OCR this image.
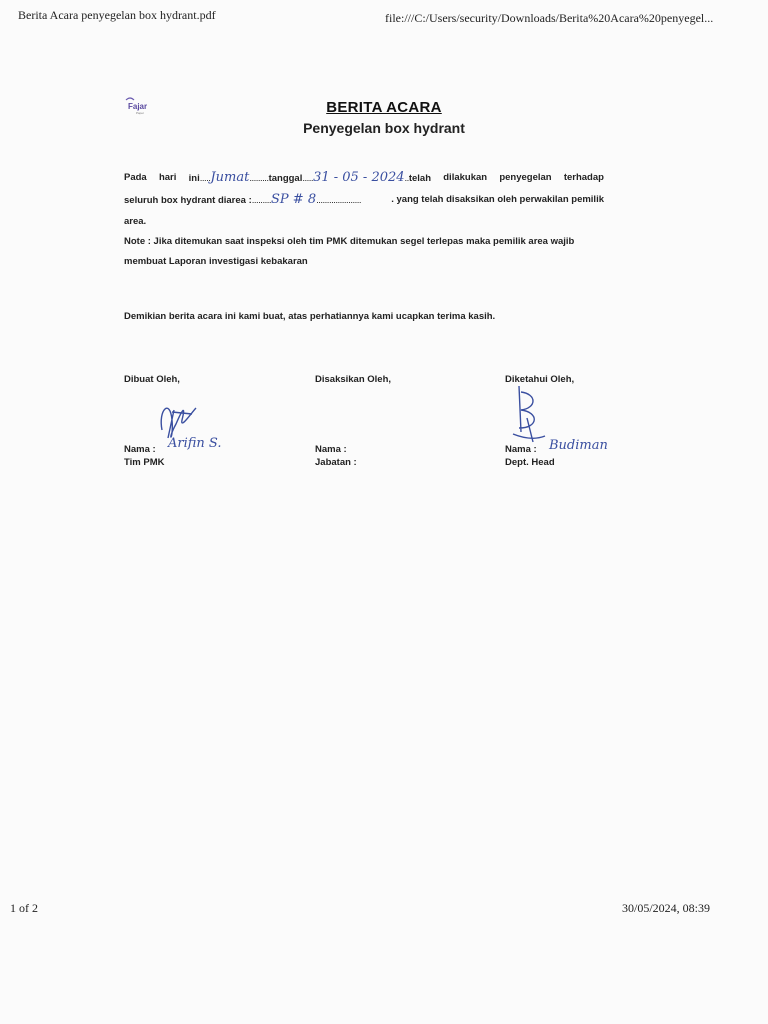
Berita Acara penyegelan box hydrant.pdf	file:///C:/Users/security/Downloads/Berita%20Acara%20penyegel...
Fajar
Paper	BERITA ACARA
Penyegelan box hydrant
Pada hari ini.....Jumat.........tanggal.....31 - 05 - 2024..telah dilakukan penyegelan terhadap
seluruh box hydrant diarea :.........SP # 8.....................	. yang telah disaksikan oleh perwakilan pemilik
area.
Note : Jika ditemukan saat inspeksi oleh tim PMK ditemukan segel terlepas maka pemilik area wajib
membuat Laporan investigasi kebakaran
Demikian berita acara ini kami buat, atas perhatiannya kami ucapkan terima kasih.
Dibuat Oleh,
Nama : Arifin S.
Tim PMK
Disaksikan Oleh,
Nama :
Jabatan :
Diketahui Oleh,
Nama : Budiman
Dept. Head
1 of 2	30/05/2024, 08:39
